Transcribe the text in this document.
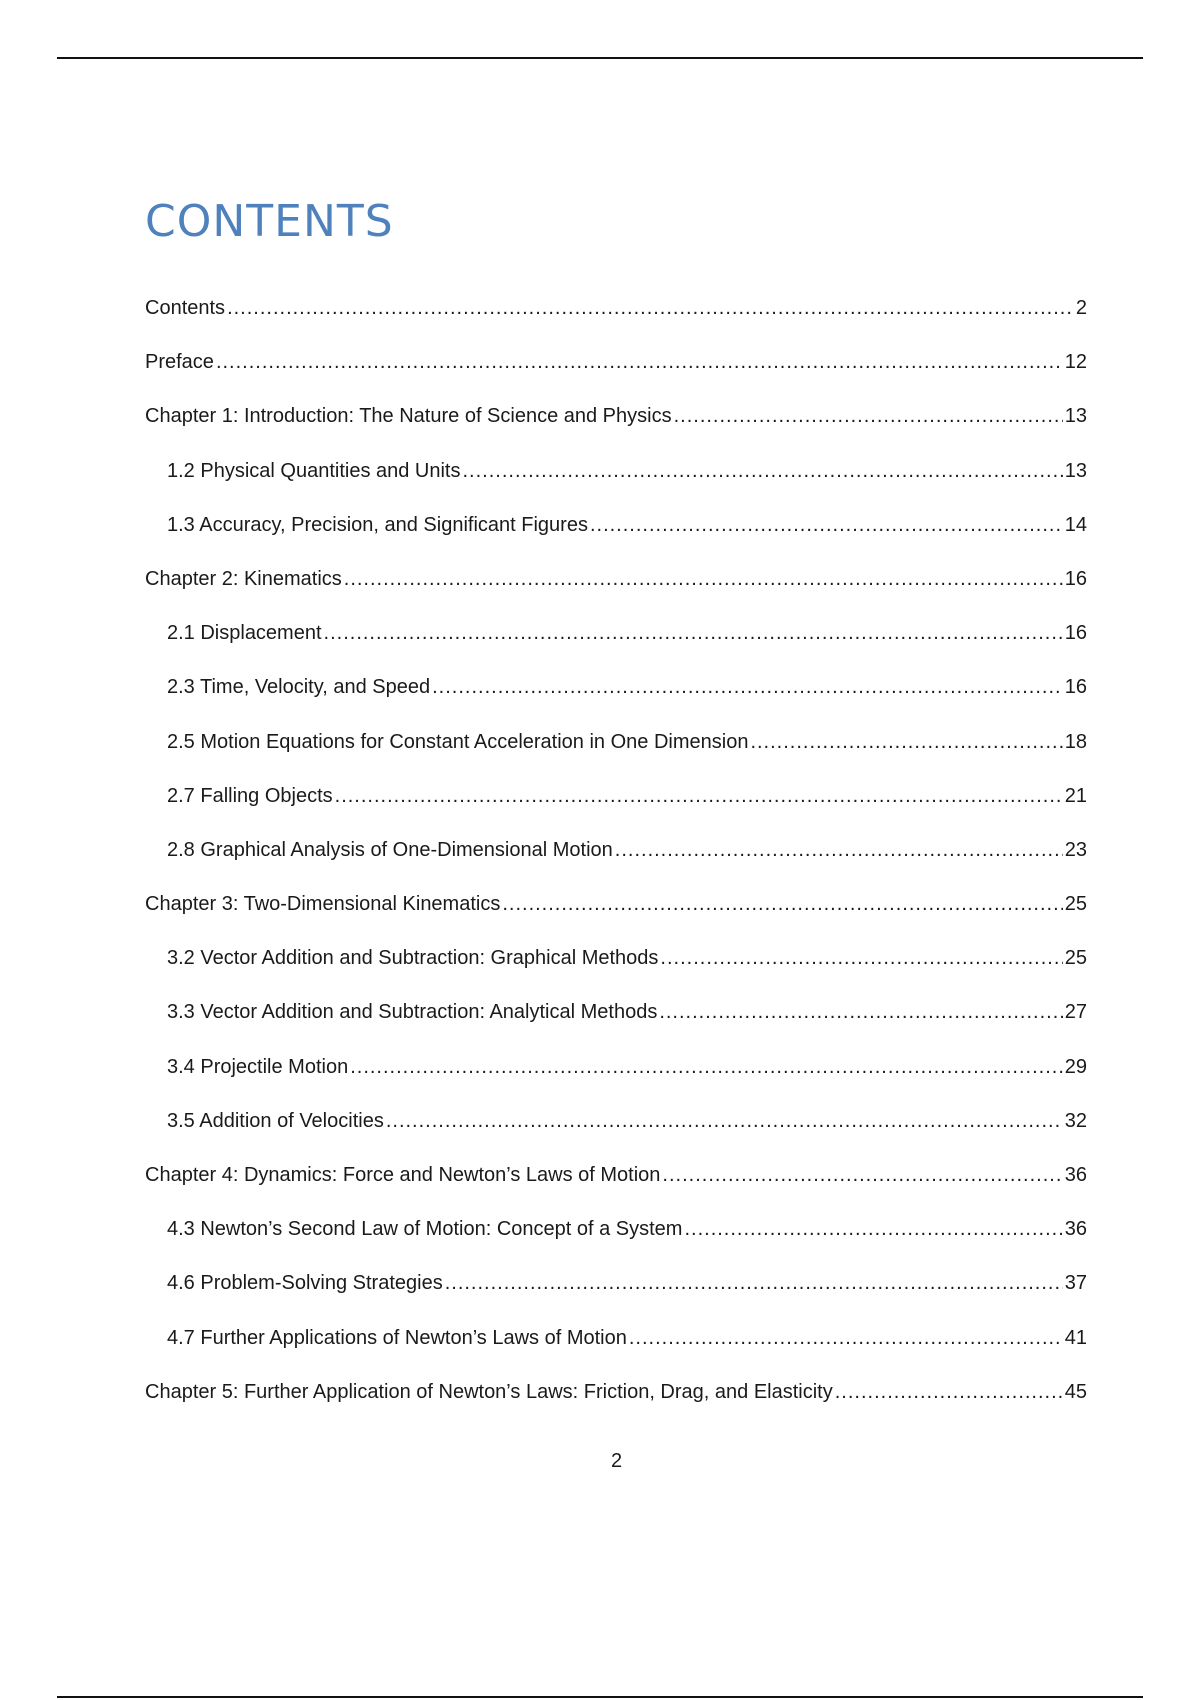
CONTENTS
Contents .....	2
Preface .....	12
Chapter 1: Introduction: The Nature of Science and Physics .....	13
1.2 Physical Quantities and Units .....	13
1.3 Accuracy, Precision, and Significant Figures .....	14
Chapter 2: Kinematics .....	16
2.1 Displacement .....	16
2.3 Time, Velocity, and Speed .....	16
2.5 Motion Equations for Constant Acceleration in One Dimension .....	18
2.7 Falling Objects .....	21
2.8 Graphical Analysis of One-Dimensional Motion .....	23
Chapter 3: Two-Dimensional Kinematics .....	25
3.2 Vector Addition and Subtraction: Graphical Methods .....	25
3.3 Vector Addition and Subtraction: Analytical Methods .....	27
3.4 Projectile Motion .....	29
3.5 Addition of Velocities .....	32
Chapter 4: Dynamics: Force and Newton’s Laws of Motion .....	36
4.3 Newton’s Second Law of Motion: Concept of a System .....	36
4.6 Problem-Solving Strategies .....	37
4.7 Further Applications of Newton’s Laws of Motion .....	41
Chapter 5: Further Application of Newton’s Laws: Friction, Drag, and Elasticity .....	45
2
